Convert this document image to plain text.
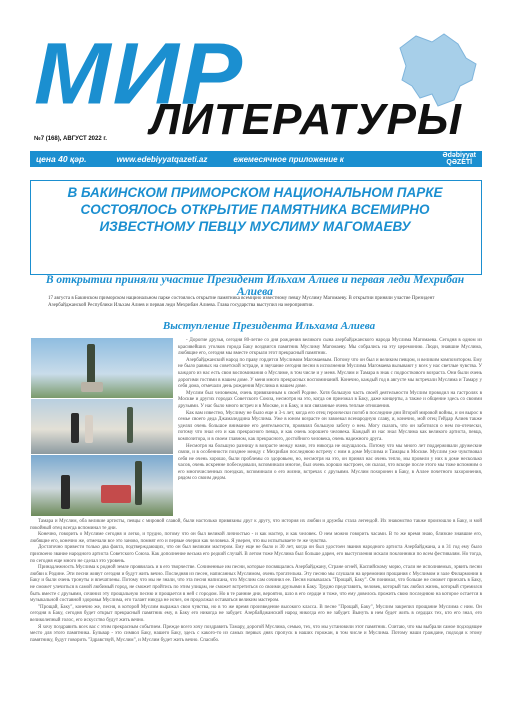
МИР
ЛИТЕРАТУРЫ
№7 (168), АВГУСТ 2022 г.
цена 40 қәр.	www.edebiyyatqazeti.az	ежемесячное приложение к	Ədəbiyyat
QƏZETİ
В БАКИНСКОМ ПРИМОРСКОМ НАЦИОНАЛЬНОМ ПАРКЕ СОСТОЯЛОСЬ ОТКРЫТИЕ ПАМЯТНИКА ВСЕМИРНО ИЗВЕСТНОМУ ПЕВЦУ МУСЛИМУ МАГОМАЕВУ
В открытии приняли участие Президент Ильхам Алиев и первая леди Мехрибан Алиева
17 августа в Бакинском приморском национальном парке состоялось открытие памятника всемирно известному певцу Муслиму Магомаеву. В открытии приняли участие Президент Азербайджанской Республики Ильхам Алиев и первая леди Мехрибан Алиева. Глава государства выступил на мероприятии.
Выступление Президента Ильхама Алиева

- Дорогие друзья, сегодня 80-летие со дня рождения великого сына азербайджанского народа Муслима Магомаева. Сегодня в одном из красивейших уголков города Баку воздвигся памятник Муслиму Магомаеву. Мы собрались на эту церемонию. Люди, знавшие Муслима, любящие его, сегодня мы вместе открыли этот прекрасный памятник.

Азербайджанский народ по праву гордится Муслимом Магомаевым. Потому что он был и великим певцом, и великим композитором. Ему не было равных на советской эстраде, и звучание сегодня песни в исполнении Муслима Магомаева вызывают у всех у нас светлые чувства. У каждого из нас есть свои воспоминания о Муслиме, в том числе и у меня. Муслим и Тамара в знак с подросткового возраста. Они были очень дорогими гостями в нашем доме. У меня много прекрасных воспоминаний. Конечно, каждый год в августе мы встречали Муслима и Тамару у себя дома, отмечали день рождения Муслима в нашем доме.

Муслим был человеком, очень привязанным к своей Родине. Хотя большую часть своей деятельности Муслим проводил на гастролях в Москве и других городах Советского Союза, несмотря на это, когда он приезжал в Баку, даже концерты, а также и общение здесь со своими друзьями. У нас было много встреч и в Москве, и в Баку, и вся связанные очень теплые отношения.

Как вам известно, Муслиму не было еще и 3-х лет, когда его отец героически погиб в последние дни Второй мировой войны, и он вырос в семье своего деда Джамаледдина Муслима. Уже в юном возрасте он завоевал всенародную славу, и, конечно, мой отец Гейдар Алиев также уделял очень большое внимание его деятельности, проявлял большую заботу о нем. Могу сказать, что он заботился о нем по-отечески, потому что знал его и как прекрасного певца, и как очень хорошего человека. Каждый из нас знал Муслима как великого артиста, певца, композитора, и в своем главном, как прекрасного, достойного человека, очень надежного друга.

Несмотря на большую разницу в возрасте между нами, это никогда не ощущалось. Потому что мы много лет поддерживали дружеские связи, и в особенности позднее между с Мехрибан последнюю встречу с ним в доме Муслима и Тамары в Москве. Муслим уже чувствовал себя не очень хорошо, были проблемы со здоровьем, но, несмотря на это, он принял нас очень тепло, мы провели у них в доме несколько часов, очень искренне побеседовали, вспоминали многое, был очень хорошо настроен, он сказал, что вскоре после этого мы тоже вспомним о его многочисленных поездках, вспоминали о его жизни, встречах с друзьями. Муслим похоронен в Баку, в Аллее почетного захоронения, рядом со своим дедом.

Тамара и Муслим, оба великие артисты, певцы с мировой славой, были настолько привязаны друг к другу, что история их любви и дружбы стала легендой. Их знакомство также произошло в Баку, и мой покойный отец всегда вспоминал те дни.

Конечно, говорить о Муслиме сегодня и легко, и трудно, потому что он был великой личностью - и как мастер, и как человек. О нем можно говорить часами. В то же время знаю, близкие знавшие его, любящие его, конечно же, отмечали все это заново, помнят его и первые очерки как человека. Я уверен, что вы испытываете те же чувства.

Достаточно привести только два факта, подтверждающих, что он был великим мастером. Ему еще не было и 30 лет, когда он был удостоен звания народного артиста Азербайджана, а в 31 год ему было присвоено звание народного артиста Советского Союза. Как дополнение весьма его редкий случай. В летом тоже Муслима был больше дарен, его выступления искали поклонники по всем фестивалям. Но тогда, по сегодня еще много не сделал это уровень.

Принадлежность Муслима к родной земле проявилась и в его творчестве. Сочиненные им песни, которые посвящались Азербайджану, Стране огней, Каспийскому морю, стали не исполняемых, эрвить песни любви к Родине. Эти песни живут сегодня и будут жить вечно. Последняя из песен, написанных Муслимом, очень трогательна. Эту песню мы слушали на церемонии прощания с Муслимом и зале Филармонии в Баку и были очень тронуты и впечатлены. Потому что мы не знали, что эта песня написана, что Муслим сам сочинил ее. Песня называлась "Прощай, Баку". Он понимал, что больше не сможет приехать в Баку, не сможет улечиться в самой любимый город, не сможет пройтись по этим улицам, не сможет встретиться со своими друзьями в Баку. Трудно представить, человек, который так любил жизнь, который стремился быть вместе с друзьями, сочинил эту прощальную песню и прощается в ней с городом. Но в те ранние дни, вероятно, шло в его сердце и тоже, что ему довелось прожить свою последнюю на которое остается в музыкальной составной здоровья Муслима, его талант никуда не исчез, он продолжал оставаться великим мастером.

"Прощай, Баку", конечно же, песня, в которой Муслим выражал свои чувства, но в то же время произведение высокого класса. В песне "Прощай, Баку", Муслим закрепил прощание Муслима с ним. Он сегодня в Баку, сегодня будет открыт прекрасный памятник ему, в Баку его никогда не забудет. Азербайджанский народ никогда его не забудет. Вынуть в нем будет жить в сердцах тех, кто его знал, его великолепный голос, его искусство будут жить вечно.

Я хочу поздравить всех вас с этим прекрасным событием. Прежде всего хочу поздравить Тамару, дорогой Муслима, семью, тех, что мы установили этот памятник. Считаю, что мы выбрали самое подходящее место для этого памятника. Бульвар - это символ Баку, нашего Баку, здесь с какого-то из самых первых днях пропуск в наших горожан, в том числе и Муслима. Потому наши граждане, подходя к этому памятнику, будут говорить "Здравствуй, Муслим", и Муслим будет жить вечно. Спасибо.
